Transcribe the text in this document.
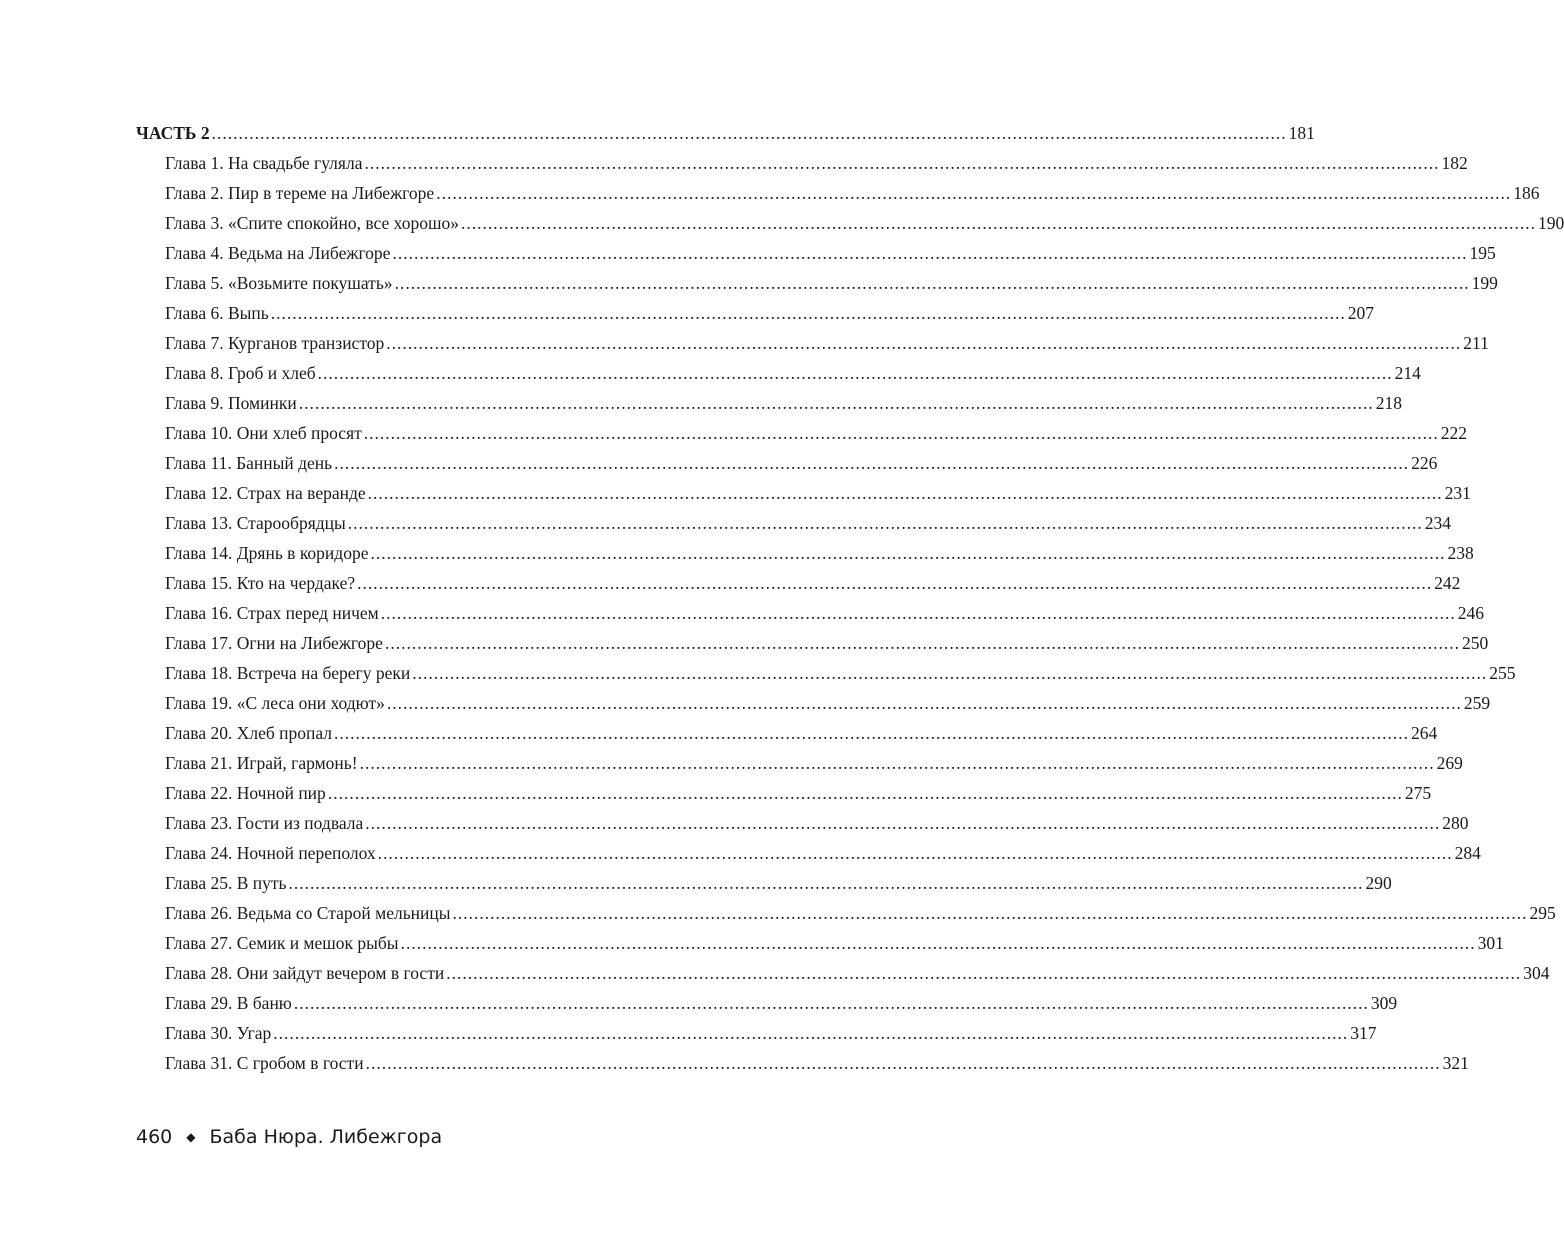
ЧАСТЬ 2 ........................................................................................................................................................................................................ 181
Глава 1. На свадьбе гуляла ........................................................................................................................................................................................................ 182
Глава 2. Пир в тереме на Либежгоре ........................................................................................................................................................................................................ 186
Глава 3. «Спите спокойно, все хорошо» ........................................................................................................................................................................................................ 190
Глава 4. Ведьма на Либежгоре ........................................................................................................................................................................................................ 195
Глава 5. «Возьмите покушать» ........................................................................................................................................................................................................ 199
Глава 6. Выпь ........................................................................................................................................................................................................ 207
Глава 7. Курганов транзистор ........................................................................................................................................................................................................ 211
Глава 8. Гроб и хлеб ........................................................................................................................................................................................................ 214
Глава 9. Поминки ........................................................................................................................................................................................................ 218
Глава 10. Они хлеб просят ........................................................................................................................................................................................................ 222
Глава 11. Банный день ........................................................................................................................................................................................................ 226
Глава 12. Страх на веранде ........................................................................................................................................................................................................ 231
Глава 13. Старообрядцы ........................................................................................................................................................................................................ 234
Глава 14. Дрянь в коридоре ........................................................................................................................................................................................................ 238
Глава 15. Кто на чердаке? ........................................................................................................................................................................................................ 242
Глава 16. Страх перед ничем ........................................................................................................................................................................................................ 246
Глава 17. Огни на Либежгоре ........................................................................................................................................................................................................ 250
Глава 18. Встреча на берегу реки ........................................................................................................................................................................................................ 255
Глава 19. «С леса они ходют» ........................................................................................................................................................................................................ 259
Глава 20. Хлеб пропал ........................................................................................................................................................................................................ 264
Глава 21. Играй, гармонь! ........................................................................................................................................................................................................ 269
Глава 22. Ночной пир ........................................................................................................................................................................................................ 275
Глава 23. Гости из подвала ........................................................................................................................................................................................................ 280
Глава 24. Ночной переполох ........................................................................................................................................................................................................ 284
Глава 25. В путь ........................................................................................................................................................................................................ 290
Глава 26. Ведьма со Старой мельницы ........................................................................................................................................................................................................ 295
Глава 27. Семик и мешок рыбы ........................................................................................................................................................................................................ 301
Глава 28. Они зайдут вечером в гости ........................................................................................................................................................................................................ 304
Глава 29. В баню ........................................................................................................................................................................................................ 309
Глава 30. Угар ........................................................................................................................................................................................................ 317
Глава 31. С гробом в гости ........................................................................................................................................................................................................ 321
460 ◆ Баба Нюра. Либежгора
